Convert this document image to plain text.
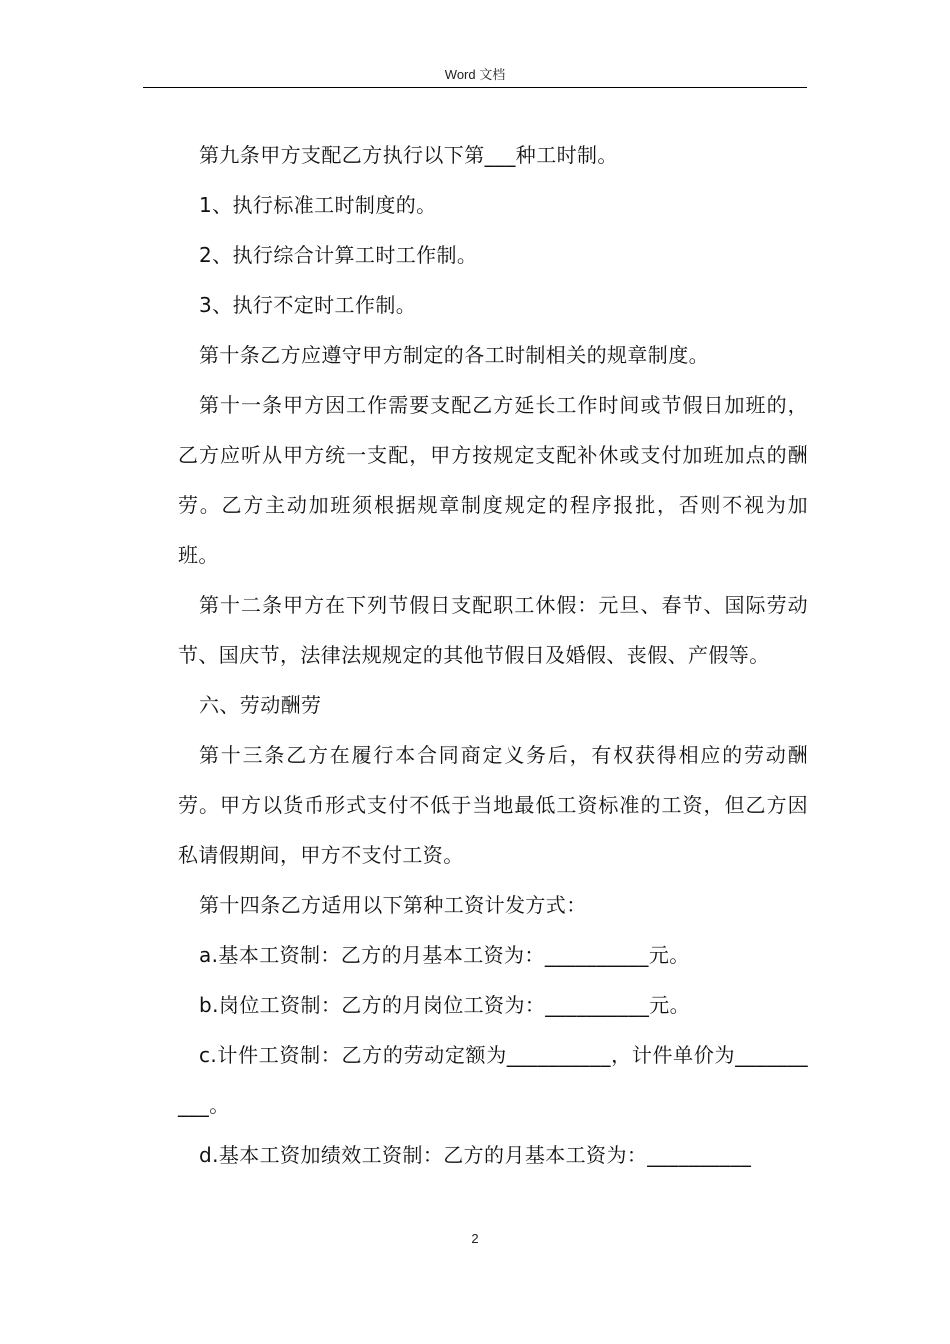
Word 文档

第九条甲方支配乙方执行以下第___种工时制。

1、执行标准工时制度的。

2、执行综合计算工时工作制。

3、执行不定时工作制。

第十条乙方应遵守甲方制定的各工时制相关的规章制度。

第十一条甲方因工作需要支配乙方延长工作时间或节假日加班的，乙方应听从甲方统一支配，甲方按规定支配补休或支付加班加点的酬劳。乙方主动加班须根据规章制度规定的程序报批，否则不视为加班。

第十二条甲方在下列节假日支配职工休假：元旦、春节、国际劳动节、国庆节，法律法规规定的其他节假日及婚假、丧假、产假等。

六、劳动酬劳

第十三条乙方在履行本合同商定义务后，有权获得相应的劳动酬劳。甲方以货币形式支付不低于当地最低工资标准的工资，但乙方因私请假期间，甲方不支付工资。

第十四条乙方适用以下第种工资计发方式：

a.基本工资制：乙方的月基本工资为：__________元。

b.岗位工资制：乙方的月岗位工资为：__________元。

c.计件工资制：乙方的劳动定额为__________，计件单价为__________。

d.基本工资加绩效工资制：乙方的月基本工资为：__________

2
